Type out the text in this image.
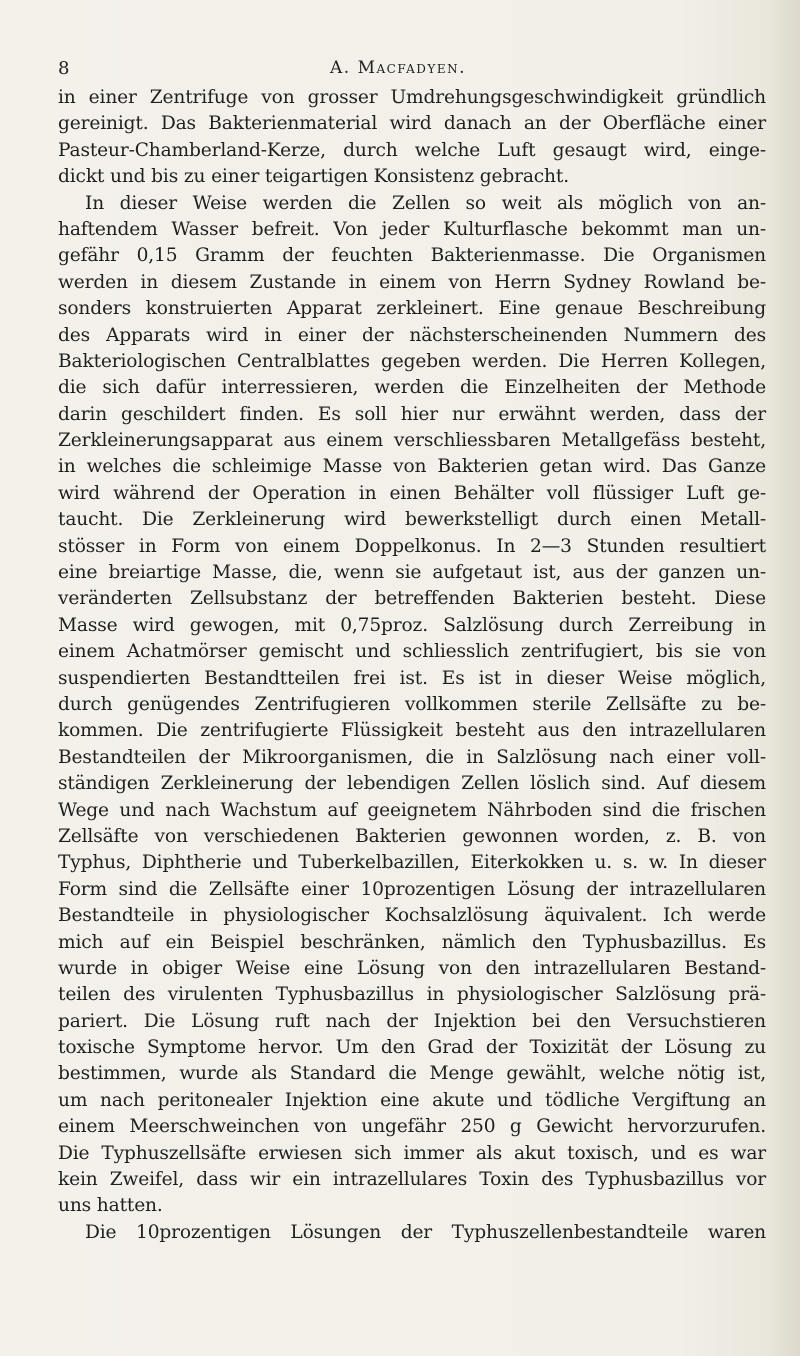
8	A. Macfadyen.
in einer Zentrifuge von grosser Umdrehungsgeschwindigkeit gründlich
gereinigt. Das Bakterienmaterial wird danach an der Oberfläche einer
Pasteur-Chamberland-Kerze, durch welche Luft gesaugt wird, einge-
dickt und bis zu einer teigartigen Konsistenz gebracht.
In dieser Weise werden die Zellen so weit als möglich von an-
haftendem Wasser befreit. Von jeder Kulturflasche bekommt man un-
gefähr 0,15 Gramm der feuchten Bakterienmasse. Die Organismen
werden in diesem Zustande in einem von Herrn Sydney Rowland be-
sonders konstruierten Apparat zerkleinert. Eine genaue Beschreibung
des Apparats wird in einer der nächsterscheinenden Nummern des
Bakteriologischen Centralblattes gegeben werden. Die Herren Kollegen,
die sich dafür interressieren, werden die Einzelheiten der Methode
darin geschildert finden. Es soll hier nur erwähnt werden, dass der
Zerkleinerungsapparat aus einem verschliessbaren Metallgefäss besteht,
in welches die schleimige Masse von Bakterien getan wird. Das Ganze
wird während der Operation in einen Behälter voll flüssiger Luft ge-
taucht. Die Zerkleinerung wird bewerkstelligt durch einen Metall-
stösser in Form von einem Doppelkonus. In 2—3 Stunden resultiert
eine breiartige Masse, die, wenn sie aufgetaut ist, aus der ganzen un-
veränderten Zellsubstanz der betreffenden Bakterien besteht. Diese
Masse wird gewogen, mit 0,75proz. Salzlösung durch Zerreibung in
einem Achatmörser gemischt und schliesslich zentrifugiert, bis sie von
suspendierten Bestandtteilen frei ist. Es ist in dieser Weise möglich,
durch genügendes Zentrifugieren vollkommen sterile Zellsäfte zu be-
kommen. Die zentrifugierte Flüssigkeit besteht aus den intrazellularen
Bestandteilen der Mikroorganismen, die in Salzlösung nach einer voll-
ständigen Zerkleinerung der lebendigen Zellen löslich sind. Auf diesem
Wege und nach Wachstum auf geeignetem Nährboden sind die frischen
Zellsäfte von verschiedenen Bakterien gewonnen worden, z. B. von
Typhus, Diphtherie und Tuberkelbazillen, Eiterkokken u. s. w. In dieser
Form sind die Zellsäfte einer 10prozentigen Lösung der intrazellularen
Bestandteile in physiologischer Kochsalzlösung äquivalent. Ich werde
mich auf ein Beispiel beschränken, nämlich den Typhusbazillus. Es
wurde in obiger Weise eine Lösung von den intrazellularen Bestand-
teilen des virulenten Typhusbazillus in physiologischer Salzlösung prä-
pariert. Die Lösung ruft nach der Injektion bei den Versuchstieren
toxische Symptome hervor. Um den Grad der Toxizität der Lösung zu
bestimmen, wurde als Standard die Menge gewählt, welche nötig ist,
um nach peritonealer Injektion eine akute und tödliche Vergiftung an
einem Meerschweinchen von ungefähr 250 g Gewicht hervorzurufen.
Die Typhuszellsäfte erwiesen sich immer als akut toxisch, und es war
kein Zweifel, dass wir ein intrazellulares Toxin des Typhusbazillus vor
uns hatten.
Die 10prozentigen Lösungen der Typhuszellenbestandteile waren
